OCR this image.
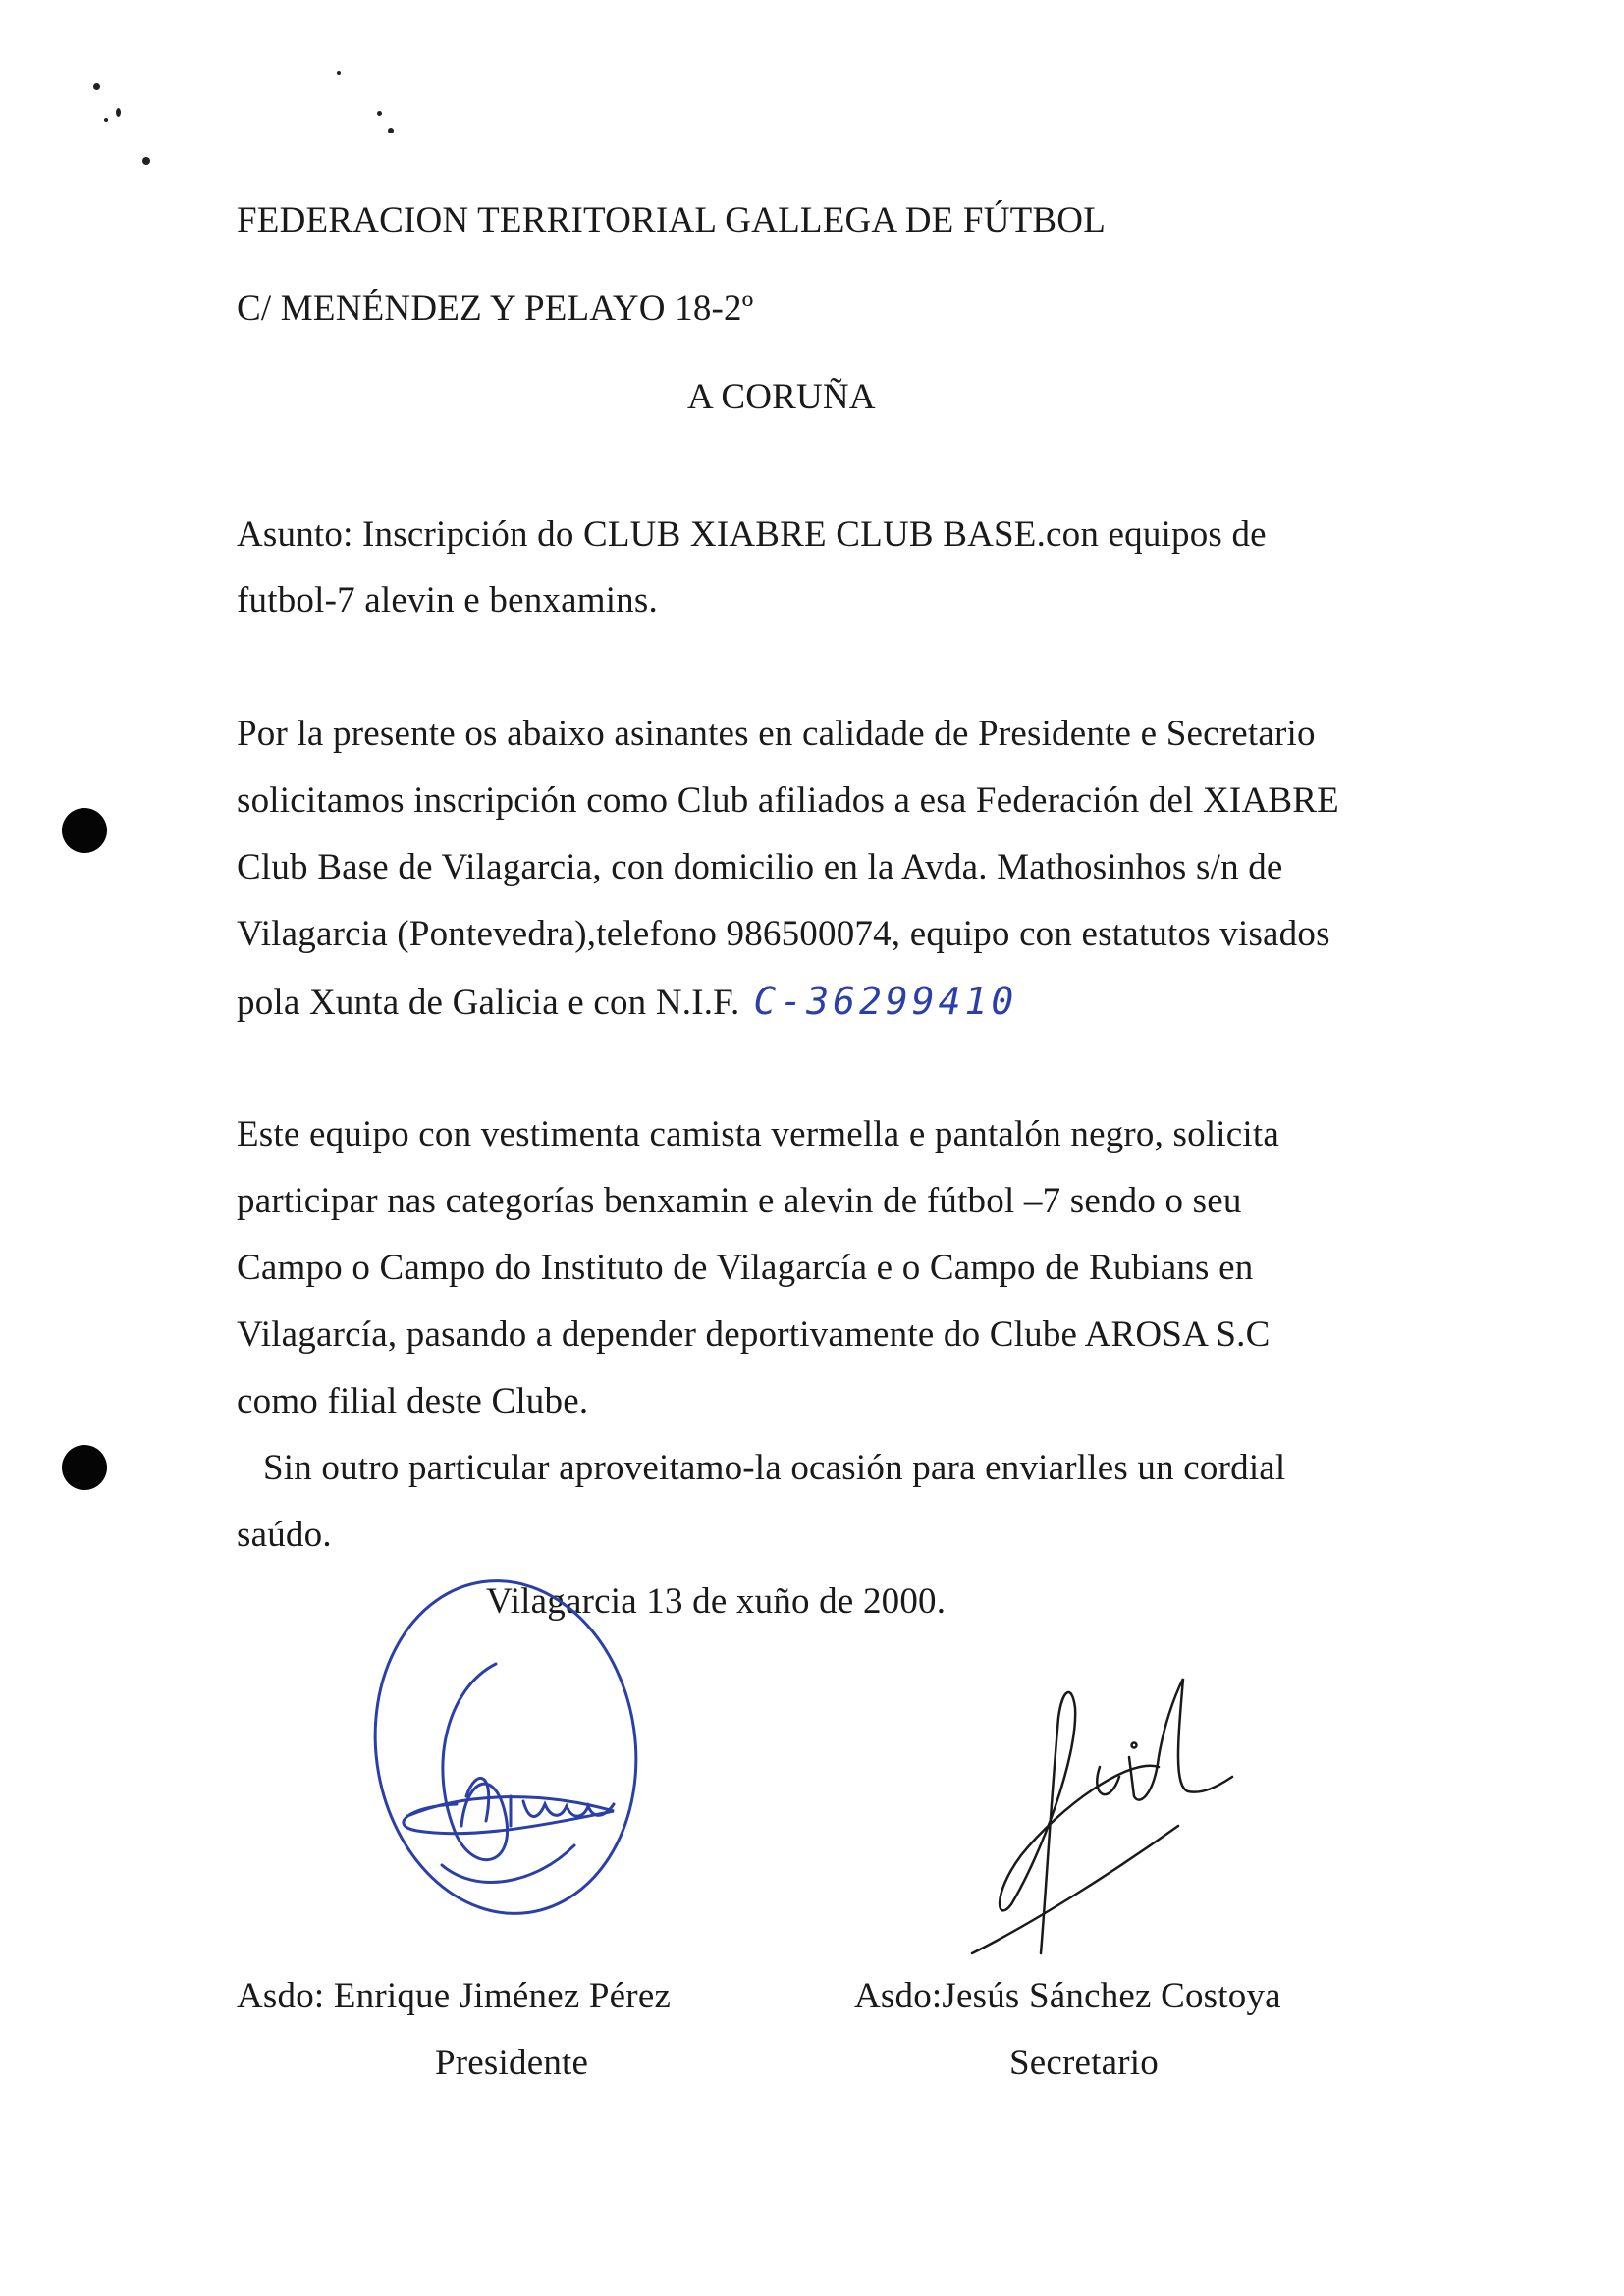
FEDERACION TERRITORIAL GALLEGA DE FÚTBOL
C/ MENÉNDEZ Y PELAYO 18-2º
A CORUÑA
Asunto: Inscripción do CLUB XIABRE CLUB BASE.con equipos de
futbol-7 alevin e benxamins.
Por la presente os abaixo asinantes en calidade de Presidente e Secretario
solicitamos inscripción como Club afiliados a esa Federación del XIABRE
Club Base de Vilagarcia, con domicilio en la Avda. Mathosinhos s/n de
Vilagarcia (Pontevedra),telefono 986500074, equipo con estatutos visados
pola Xunta de Galicia e con N.I.F. C-36299410
Este equipo con vestimenta camista vermella e pantalón negro, solicita
participar nas categorías benxamin e alevin de fútbol –7 sendo o seu
Campo o Campo do Instituto de Vilagarcía e o Campo de Rubians en
Vilagarcía, pasando a depender deportivamente do Clube AROSA S.C
como filial deste Clube.
Sin outro particular aproveitamo-la ocasión para enviarlles un cordial
saúdo.
Vilagarcia 13 de xuño de 2000.
Asdo: Enrique Jiménez Pérez
Presidente
Asdo:Jesús Sánchez Costoya
Secretario
